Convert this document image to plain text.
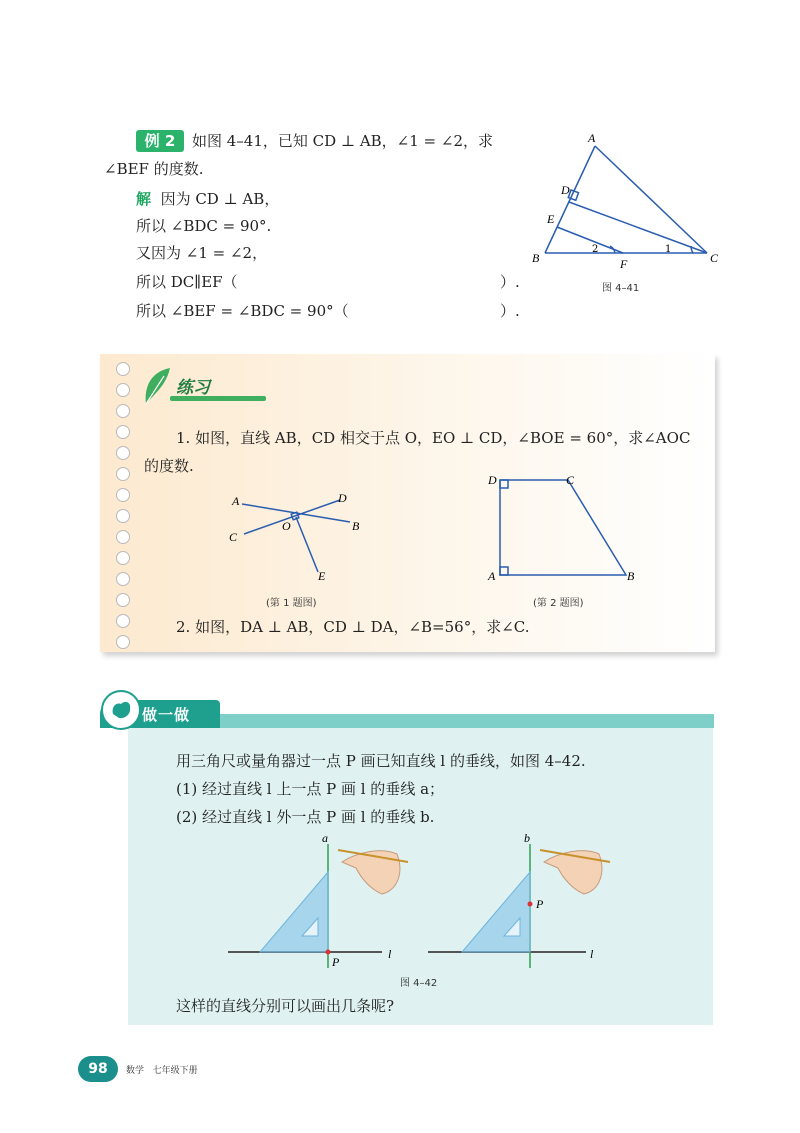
例 2	如图 4–41，已知 CD ⊥ AB，∠1 = ∠2，求
∠BEF 的度数.
解 因为 CD ⊥ AB，
所以 ∠BDC = 90°.
又因为 ∠1 = ∠2，
所以 DC∥EF（	）.
所以 ∠BEF = ∠BDC = 90°（	）.
A
D
E
B	C
F
2	1
图 4–41
练习
1. 如图，直线 AB，CD 相交于点 O，EO ⊥ CD，∠BOE = 60°，求∠AOC
的度数.
A	D
C
B
O
E
(第 1 题图)
D	C
A	B
(第 2 题图)
2. 如图，DA ⊥ AB，CD ⊥ DA，∠B=56°，求∠C.
做一做
用三角尺或量角器过一点 P 画已知直线 l 的垂线，如图 4–42.
(1) 经过直线 l 上一点 P 画 l 的垂线 a；
(2) 经过直线 l 外一点 P 画 l 的垂线 b.
a
l
P
b
l
P
图 4–42
这样的直线分别可以画出几条呢?
98	数学 七年级下册
